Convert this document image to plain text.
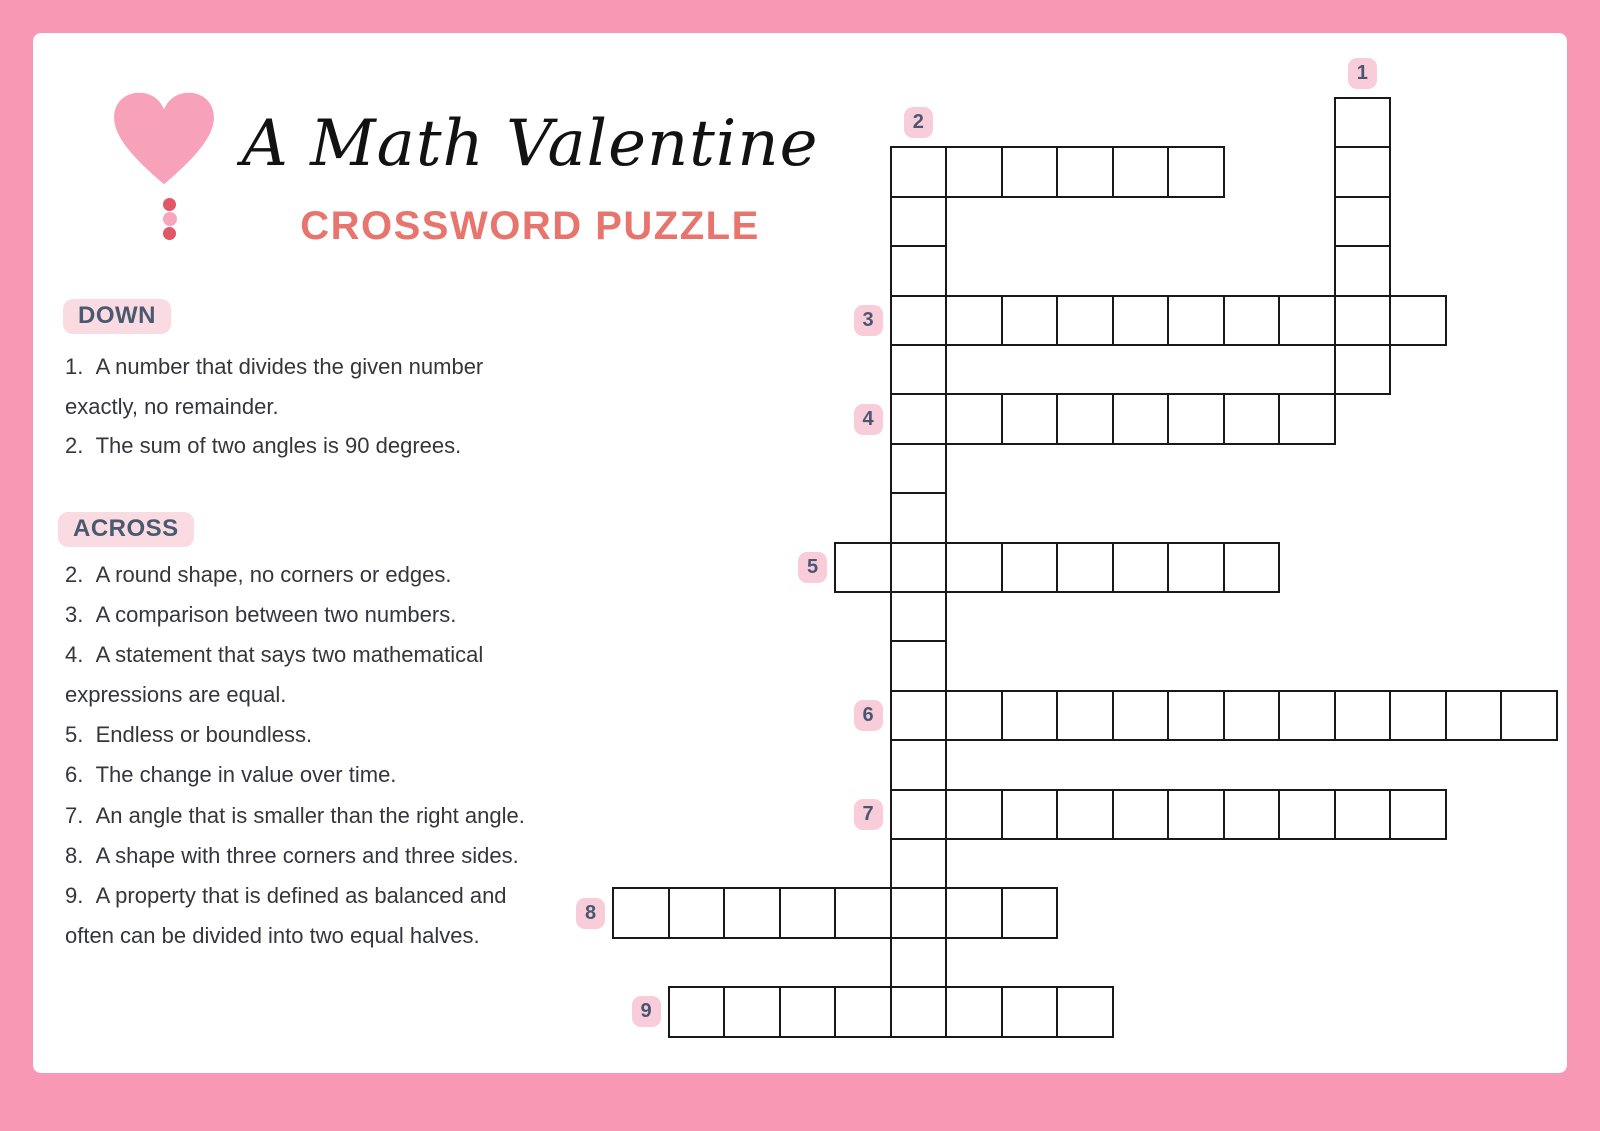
A Math Valentine
CROSSWORD PUZZLE
DOWN
ACROSS
1.  A number that divides the given number
exactly, no remainder.
2.  The sum of two angles is 90 degrees.
2.  A round shape, no corners or edges.
3.  A comparison between two numbers.
4.  A statement that says two mathematical
expressions are equal.
5.  Endless or boundless.
6.  The change in value over time.
7.  An angle that is smaller than the right angle.
8.  A shape with three corners and three sides.
9.  A property that is defined as balanced and
often can be divided into two equal halves.
1
2
3
4
5
6
7
8
9
